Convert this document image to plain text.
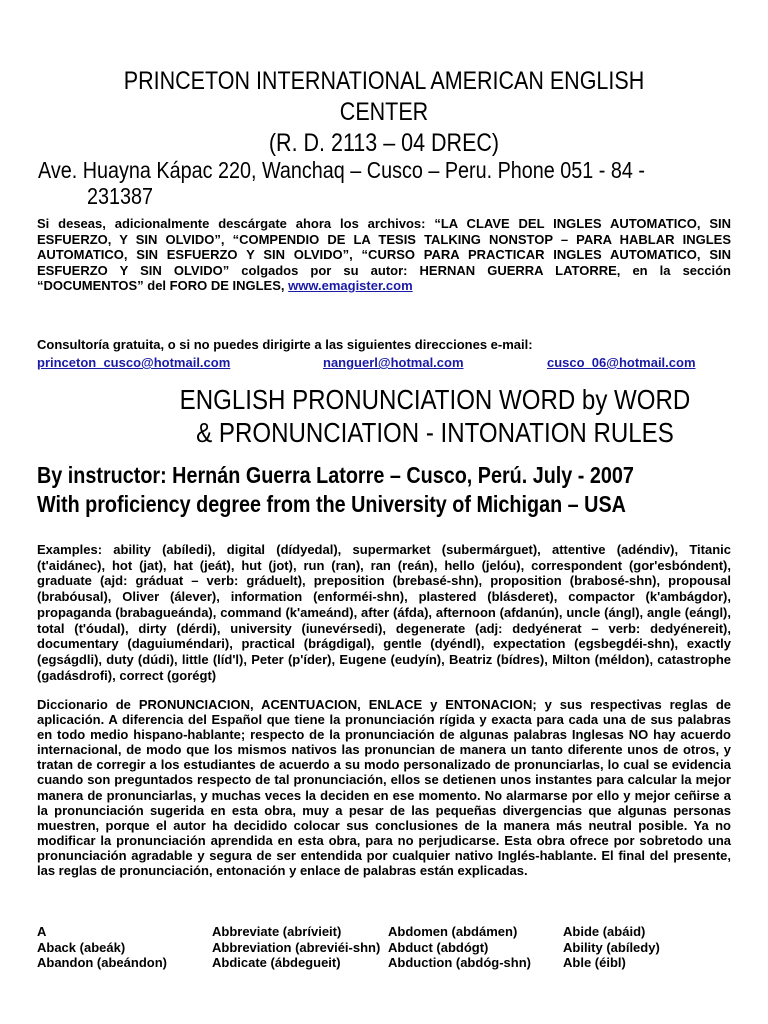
PRINCETON INTERNATIONAL AMERICAN ENGLISH CENTER
(R. D. 2113 – 04 DREC)
Ave. Huayna Kápac 220, Wanchaq – Cusco – Peru. Phone 051 - 84 -
231387
Si deseas, adicionalmente descárgate ahora los archivos: “LA CLAVE DEL INGLES AUTOMATICO, SIN ESFUERZO, Y SIN OLVIDO”, “COMPENDIO DE LA TESIS TALKING NONSTOP – PARA HABLAR INGLES AUTOMATICO, SIN ESFUERZO Y SIN OLVIDO”, “CURSO PARA PRACTICAR INGLES AUTOMATICO, SIN ESFUERZO Y SIN OLVIDO” colgados por su autor: HERNAN GUERRA LATORRE, en la sección “DOCUMENTOS” del FORO DE INGLES, www.emagister.com
Consultoría gratuita, o si no puedes dirigirte a las siguientes direcciones e-mail:
princeton_cusco@hotmail.com	nanguerl@hotmal.com	cusco_06@hotmail.com
ENGLISH PRONUNCIATION WORD by WORD
& PRONUNCIATION - INTONATION RULES
By instructor: Hernán Guerra Latorre – Cusco, Perú. July - 2007
With proficiency degree from the University of Michigan – USA
Examples: ability (abíledi), digital (dídyedal), supermarket (subermárguet), attentive (adéndiv), Titanic (t'aidánec), hot (jat), hat (jeát), hut (jot), run (ran), ran (reán), hello (jelóu), correspondent (gor'esbóndent), graduate (ajd: gráduat – verb: gráduelt), preposition (brebasé-shn), proposition (brabosé-shn), propousal (brabóusal), Oliver (álever), information (enforméi-shn), plastered (blásderet), compactor (k'ambágdor), propaganda (brabagueánda), command (k'ameánd), after (áfda), afternoon (afdanún), uncle (ángl), angle (eángl), total (t'óudal), dirty (dérdi), university (iunevérsedi), degenerate (adj: dedyénerat – verb: dedyénereit), documentary (daguiuméndari), practical (brágdigal), gentle (dyéndl), expectation (egsbegdéi-shn), exactly (egságdli), duty (dúdi), little (líd'l), Peter (p'íder), Eugene (eudyín), Beatriz (bídres), Milton (méldon), catastrophe (gadásdrofi), correct (gorégt)
Diccionario de PRONUNCIACION, ACENTUACION, ENLACE y ENTONACION; y sus respectivas reglas de aplicación. A diferencia del Español que tiene la pronunciación rígida y exacta para cada una de sus palabras en todo medio hispano-hablante; respecto de la pronunciación de algunas palabras Inglesas NO hay acuerdo internacional, de modo que los mismos nativos las pronuncian de manera un tanto diferente unos de otros, y tratan de corregir a los estudiantes de acuerdo a su modo personalizado de pronunciarlas, lo cual se evidencia cuando son preguntados respecto de tal pronunciación, ellos se detienen unos instantes para calcular la mejor manera de pronunciarlas, y muchas veces la deciden en ese momento. No alarmarse por ello y mejor ceñirse a la pronunciación sugerida en esta obra, muy a pesar de las pequeñas divergencias que algunas personas muestren, porque el autor ha decidido colocar sus conclusiones de la manera más neutral posible. Ya no modificar la pronunciación aprendida en esta obra, para no perjudicarse. Esta obra ofrece por sobretodo una pronunciación agradable y segura de ser entendida por cualquier nativo Inglés-hablante. El final del presente, las reglas de pronunciación, entonación y enlace de palabras están explicadas.
A
Aback (abeák)
Abandon (abeándon)
Abbreviate (abrívieit)
Abbreviation (abreviéi-shn)
Abdicate (ábdegueit)
Abdomen (abdámen)
Abduct (abdógt)
Abduction (abdóg-shn)
Abide (abáid)
Ability (abíledy)
Able (éibl)
